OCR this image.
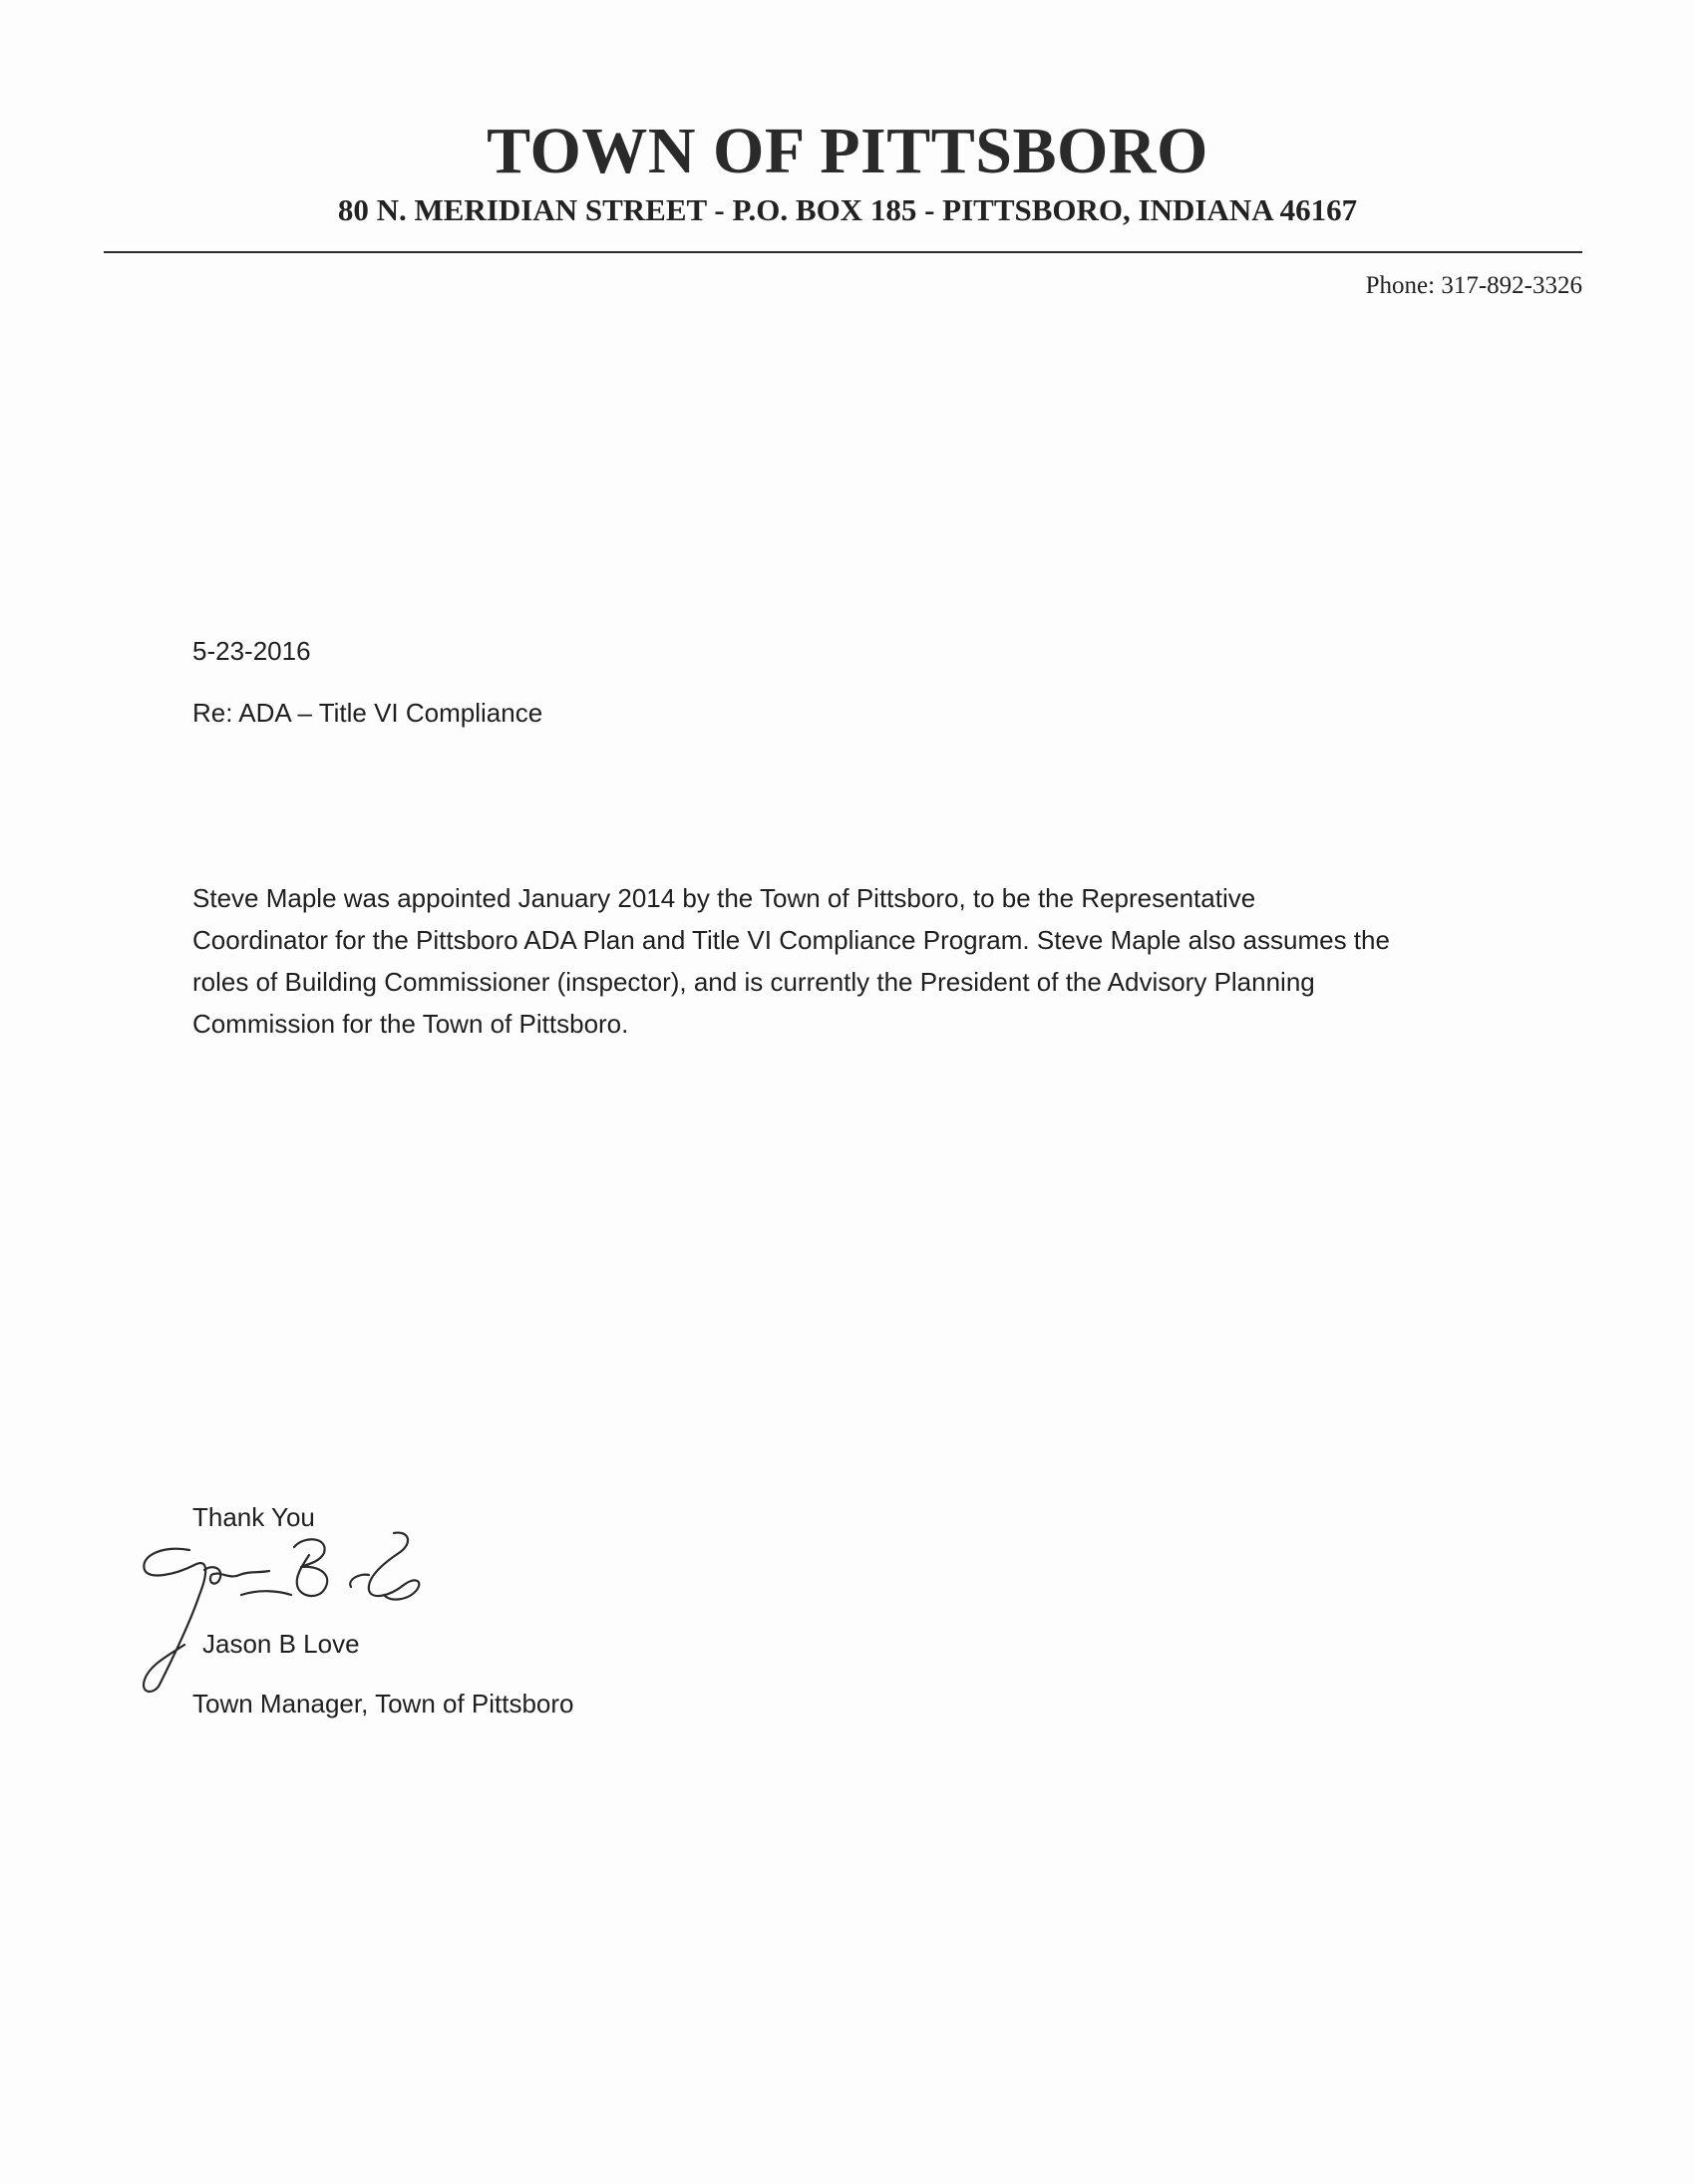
TOWN OF PITTSBORO
80 N. MERIDIAN STREET - P.O. BOX 185 - PITTSBORO, INDIANA 46167
Phone: 317-892-3326
5-23-2016
Re: ADA – Title VI Compliance
Steve Maple was appointed January 2014 by the Town of Pittsboro, to be the Representative
Coordinator for the Pittsboro ADA Plan and Title VI Compliance Program. Steve Maple also assumes the
roles of Building Commissioner (inspector), and is currently the President of the Advisory Planning
Commission for the Town of Pittsboro.
Thank You
Jason B Love
Town Manager, Town of Pittsboro
